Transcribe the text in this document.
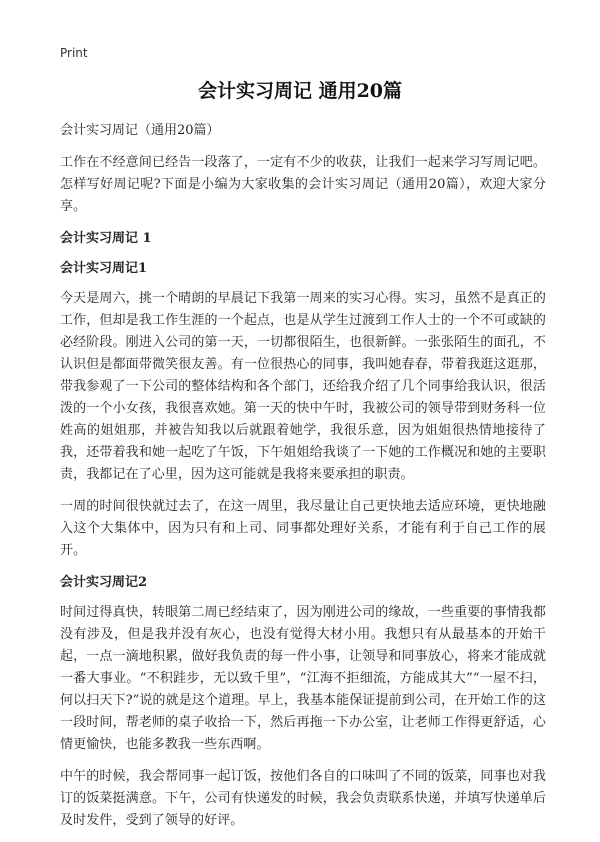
Print
会计实习周记 通用20篇

会计实习周记（通用20篇）

工作在不经意间已经告一段落了，一定有不少的收获，让我们一起来学习写周记吧。怎样写好周记呢?下面是小编为大家收集的会计实习周记（通用20篇），欢迎大家分享。

会计实习周记 1

会计实习周记1

今天是周六，挑一个晴朗的早晨记下我第一周来的实习心得。实习，虽然不是真正的工作，但却是我工作生涯的一个起点，也是从学生过渡到工作人士的一个不可或缺的必经阶段。刚进入公司的第一天，一切都很陌生，也很新鲜。一张张陌生的面孔，不认识但是都面带微笑很友善。有一位很热心的同事，我叫她春春，带着我逛这逛那，带我参观了一下公司的整体结构和各个部门，还给我介绍了几个同事给我认识，很活泼的一个小女孩，我很喜欢她。第一天的快中午时，我被公司的领导带到财务科一位姓高的姐姐那，并被告知我以后就跟着她学，我很乐意，因为姐姐很热情地接待了我，还带着我和她一起吃了午饭，下午姐姐给我谈了一下她的工作概况和她的主要职责，我都记在了心里，因为这可能就是我将来要承担的职责。

一周的时间很快就过去了，在这一周里，我尽量让自己更快地去适应环境，更快地融入这个大集体中，因为只有和上司、同事都处理好关系，才能有利于自己工作的展开。

会计实习周记2

时间过得真快，转眼第二周已经结束了，因为刚进公司的缘故，一些重要的事情我都没有涉及，但是我并没有灰心，也没有觉得大材小用。我想只有从最基本的开始干起，一点一滴地积累，做好我负责的每一件小事，让领导和同事放心，将来才能成就一番大事业。“不积跬步，无以致千里”，“江海不拒细流，方能成其大”“一屋不扫，何以扫天下?”说的就是这个道理。早上，我基本能保证提前到公司，在开始工作的这一段时间，帮老师的桌子收拾一下，然后再拖一下办公室，让老师工作得更舒适，心情更愉快，也能多教我一些东西啊。

中午的时候，我会帮同事一起订饭，按他们各自的口味叫了不同的饭菜，同事也对我订的饭菜挺满意。下午，公司有快递发的时候，我会负责联系快递，并填写快递单后及时发件，受到了领导的好评。
